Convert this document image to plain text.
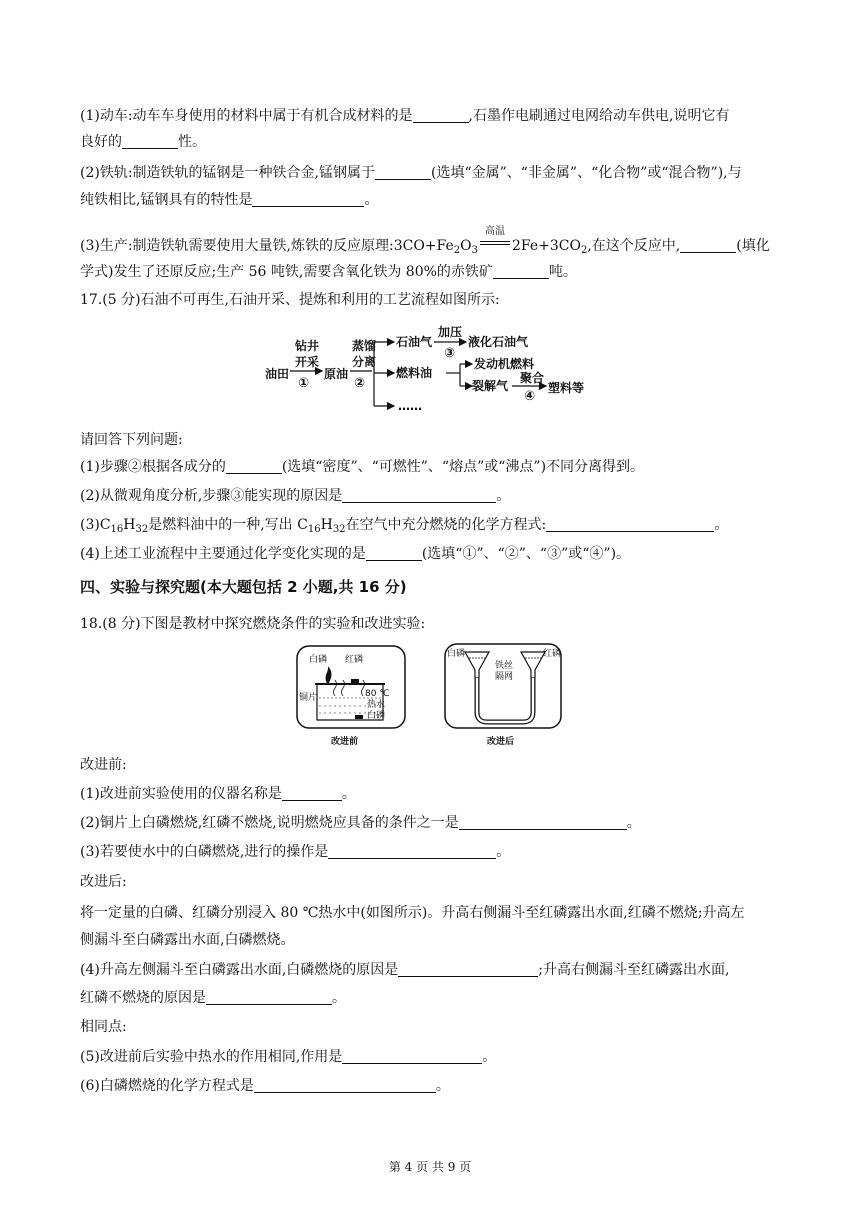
(1)动车:动车车身使用的材料中属于有机合成材料的是	,石墨作电刷通过电网给动车供电,说明它有
良好的	性。
(2)铁轨:制造铁轨的锰钢是一种铁合金,锰钢属于	(选填“金属”、“非金属”、“化合物”或“混合物”),与
纯铁相比,锰钢具有的特性是	。
(3)生产:制造铁轨需要使用大量铁,炼铁的反应原理$:3CO+Fe_2O_3$
高温
$2Fe+3CO_2$,在这个反应中,	(填化
学式)发生了还原反应;生产 56 吨铁,需要含氧化铁为 80%的赤铁矿	吨。
17.(5 分)石油不可再生,石油开采、提炼和利用的工艺流程如图所示:
油田
钻井
开采
①
原油
蒸馏
分离
②
石油气
加压
③
液化石油气
燃料油
发动机燃料
裂解气
聚合
④
塑料等
……
请回答下列问题:
(1)步骤②根据各成分的	(选填“密度”、“可燃性”、“熔点”或“沸点”)不同分离得到。
(2)从微观角度分析,步骤③能实现的原因是	。
$(3)C_{16}H_{32}$是燃料油中的一种,写出 $C_{16}H_{32}$在空气中充分燃烧的化学方程式:	。
(4)上述工业流程中主要通过化学变化实现的是	(选填“①”、“②”、“③”或“④”)。
四、实验与探究题(本大题包括 2 小题,共 16 分)
18.(8 分)下图是教材中探究燃烧条件的实验和改进实验:
白磷 红磷
铜片	80 ℃
热水
白磷
改进前
白磷	红磷
铁丝
隔网
改进后
改进前:
(1)改进前实验使用的仪器名称是	。
(2)铜片上白磷燃烧,红磷不燃烧,说明燃烧应具备的条件之一是	。
(3)若要使水中的白磷燃烧,进行的操作是	。
改进后:
将一定量的白磷、红磷分别浸入 80 ℃热水中(如图所示)。升高右侧漏斗至红磷露出水面,红磷不燃烧;升高左
侧漏斗至白磷露出水面,白磷燃烧。
(4)升高左侧漏斗至白磷露出水面,白磷燃烧的原因是	;升高右侧漏斗至红磷露出水面,
红磷不燃烧的原因是	。
相同点:
(5)改进前后实验中热水的作用相同,作用是	。
(6)白磷燃烧的化学方程式是	。
第 4 页 共 9 页
